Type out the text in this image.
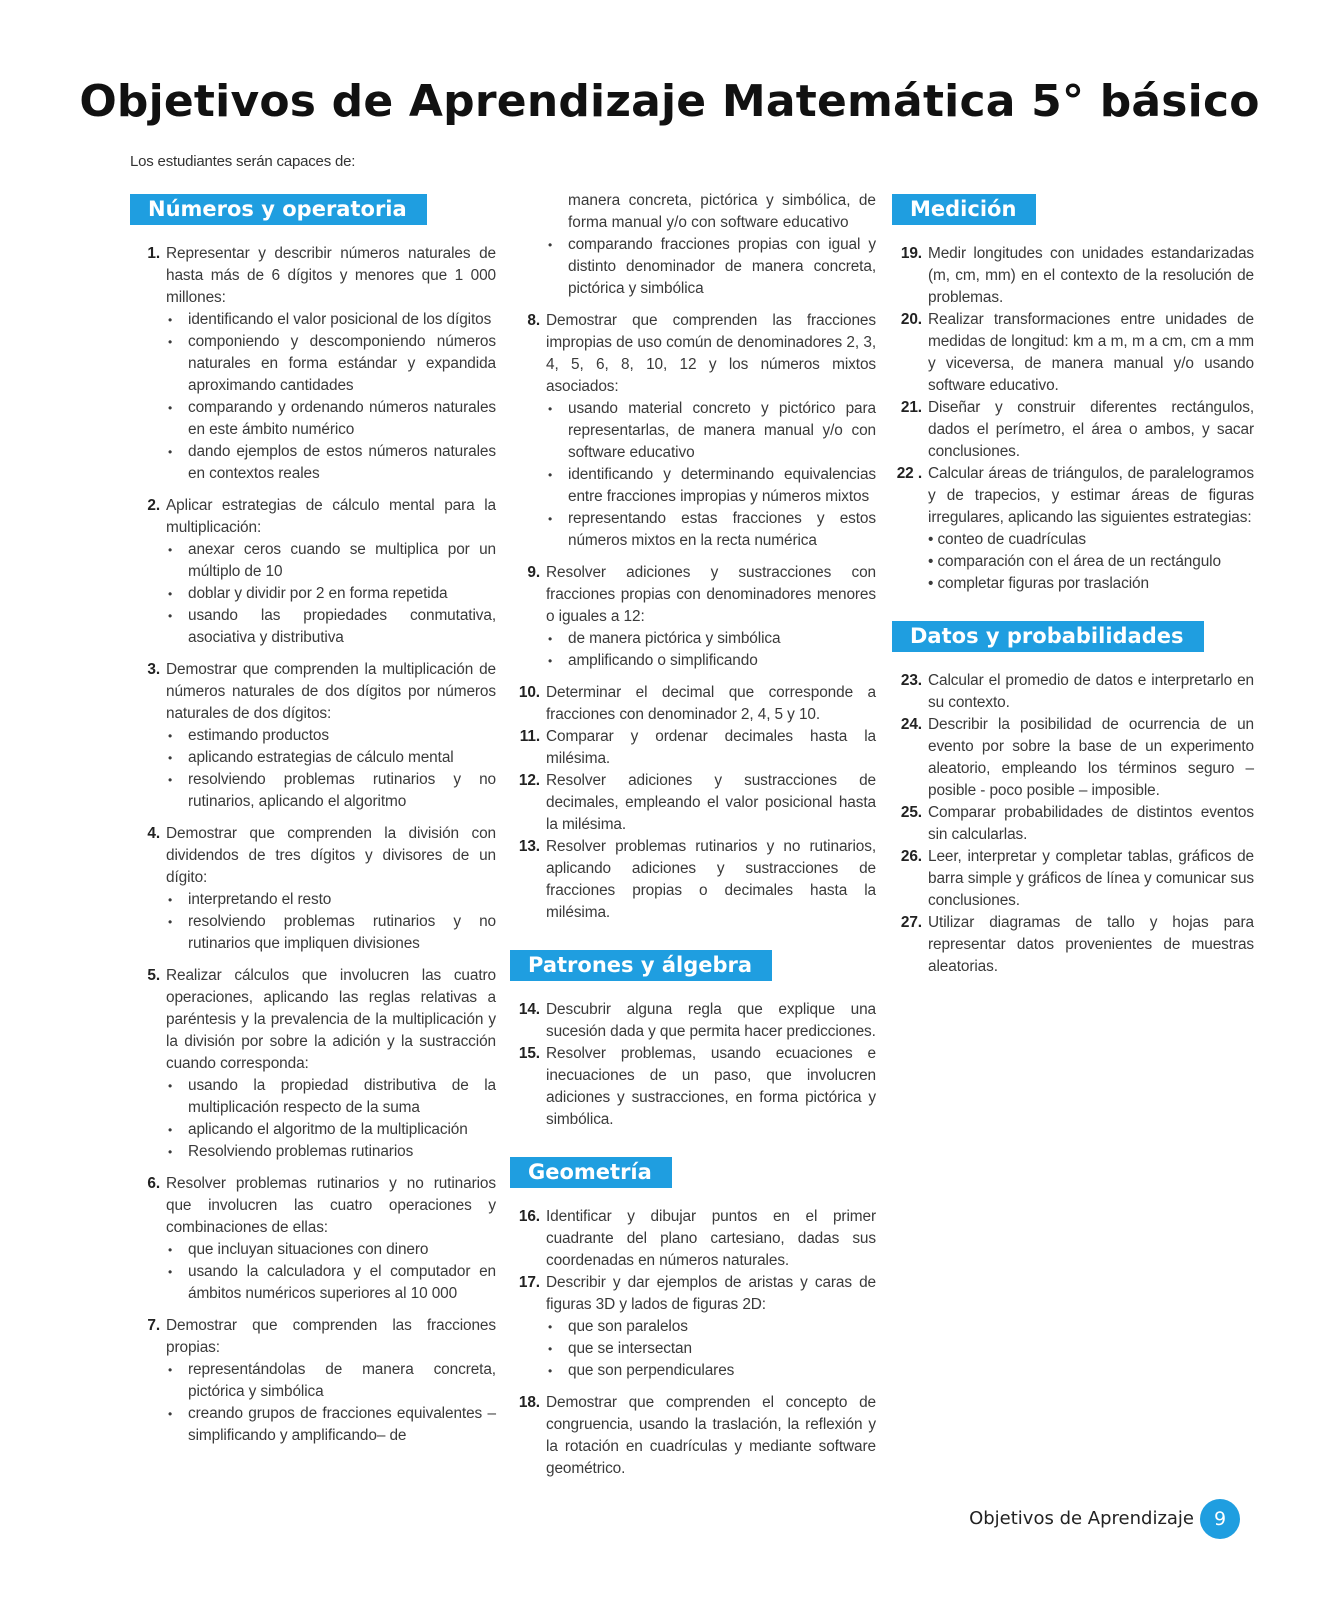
Objetivos de Aprendizaje Matemática 5° básico
Los estudiantes serán capaces de:
Números y operatoria
1. Representar y describir números naturales de hasta más de 6 dígitos y menores que 1 000 millones:
• identificando el valor posicional de los dígitos
• componiendo y descomponiendo números naturales en forma estándar y expandida aproximando cantidades
• comparando y ordenando números naturales en este ámbito numérico
• dando ejemplos de estos números naturales en contextos reales
2. Aplicar estrategias de cálculo mental para la multiplicación:
• anexar ceros cuando se multiplica por un múltiplo de 10
• doblar y dividir por 2 en forma repetida
• usando las propiedades conmutativa, asociativa y distributiva
3. Demostrar que comprenden la multiplicación de números naturales de dos dígitos por números naturales de dos dígitos:
• estimando productos
• aplicando estrategias de cálculo mental
• resolviendo problemas rutinarios y no rutinarios, aplicando el algoritmo
4. Demostrar que comprenden la división con dividendos de tres dígitos y divisores de un dígito:
• interpretando el resto
• resolviendo problemas rutinarios y no rutinarios que impliquen divisiones
5. Realizar cálculos que involucren las cuatro operaciones, aplicando las reglas relativas a paréntesis y la prevalencia de la multiplicación y la división por sobre la adición y la sustracción cuando corresponda:
• usando la propiedad distributiva de la multiplicación respecto de la suma
• aplicando el algoritmo de la multiplicación
• Resolviendo problemas rutinarios
6. Resolver problemas rutinarios y no rutinarios que involucren las cuatro operaciones y combinaciones de ellas:
• que incluyan situaciones con dinero
• usando la calculadora y el computador en ámbitos numéricos superiores al 10 000
7. Demostrar que comprenden las fracciones propias:
• representándolas de manera concreta, pictórica y simbólica
• creando grupos de fracciones equivalentes –simplificando y amplificando– de
manera concreta, pictórica y simbólica, de forma manual y/o con software educativo
• comparando fracciones propias con igual y distinto denominador de manera concreta, pictórica y simbólica
8. Demostrar que comprenden las fracciones impropias de uso común de denominadores 2, 3, 4, 5, 6, 8, 10, 12 y los números mixtos asociados:
• usando material concreto y pictórico para representarlas, de manera manual y/o con software educativo
• identificando y determinando equivalencias entre fracciones impropias y números mixtos
• representando estas fracciones y estos números mixtos en la recta numérica
9. Resolver adiciones y sustracciones con fracciones propias con denominadores menores o iguales a 12:
• de manera pictórica y simbólica
• amplificando o simplificando
10. Determinar el decimal que corresponde a fracciones con denominador 2, 4, 5 y 10.
11. Comparar y ordenar decimales hasta la milésima.
12. Resolver adiciones y sustracciones de decimales, empleando el valor posicional hasta la milésima.
13. Resolver problemas rutinarios y no rutinarios, aplicando adiciones y sustracciones de fracciones propias o decimales hasta la milésima.
Patrones y álgebra
14. Descubrir alguna regla que explique una sucesión dada y que permita hacer predicciones.
15. Resolver problemas, usando ecuaciones e inecuaciones de un paso, que involucren adiciones y sustracciones, en forma pictórica y simbólica.
Geometría
16. Identificar y dibujar puntos en el primer cuadrante del plano cartesiano, dadas sus coordenadas en números naturales.
17. Describir y dar ejemplos de aristas y caras de figuras 3D y lados de figuras 2D:
• que son paralelos
• que se intersectan
• que son perpendiculares
18. Demostrar que comprenden el concepto de congruencia, usando la traslación, la reflexión y la rotación en cuadrículas y mediante software geométrico.
Medición
19. Medir longitudes con unidades estandarizadas (m, cm, mm) en el contexto de la resolución de problemas.
20. Realizar transformaciones entre unidades de medidas de longitud: km a m, m a cm, cm a mm y viceversa, de manera manual y/o usando software educativo.
21. Diseñar y construir diferentes rectángulos, dados el perímetro, el área o ambos, y sacar conclusiones.
22 . Calcular áreas de triángulos, de paralelogramos y de trapecios, y estimar áreas de figuras irregulares, aplicando las siguientes estrategias:
• conteo de cuadrículas
• comparación con el área de un rectángulo
• completar figuras por traslación
Datos y probabilidades
23. Calcular el promedio de datos e interpretarlo en su contexto.
24. Describir la posibilidad de ocurrencia de un evento por sobre la base de un experimento aleatorio, empleando los términos seguro – posible - poco posible – imposible.
25. Comparar probabilidades de distintos eventos sin calcularlas.
26. Leer, interpretar y completar tablas, gráficos de barra simple y gráficos de línea y comunicar sus conclusiones.
27. Utilizar diagramas de tallo y hojas para representar datos provenientes de muestras aleatorias.
Objetivos de Aprendizaje	9
